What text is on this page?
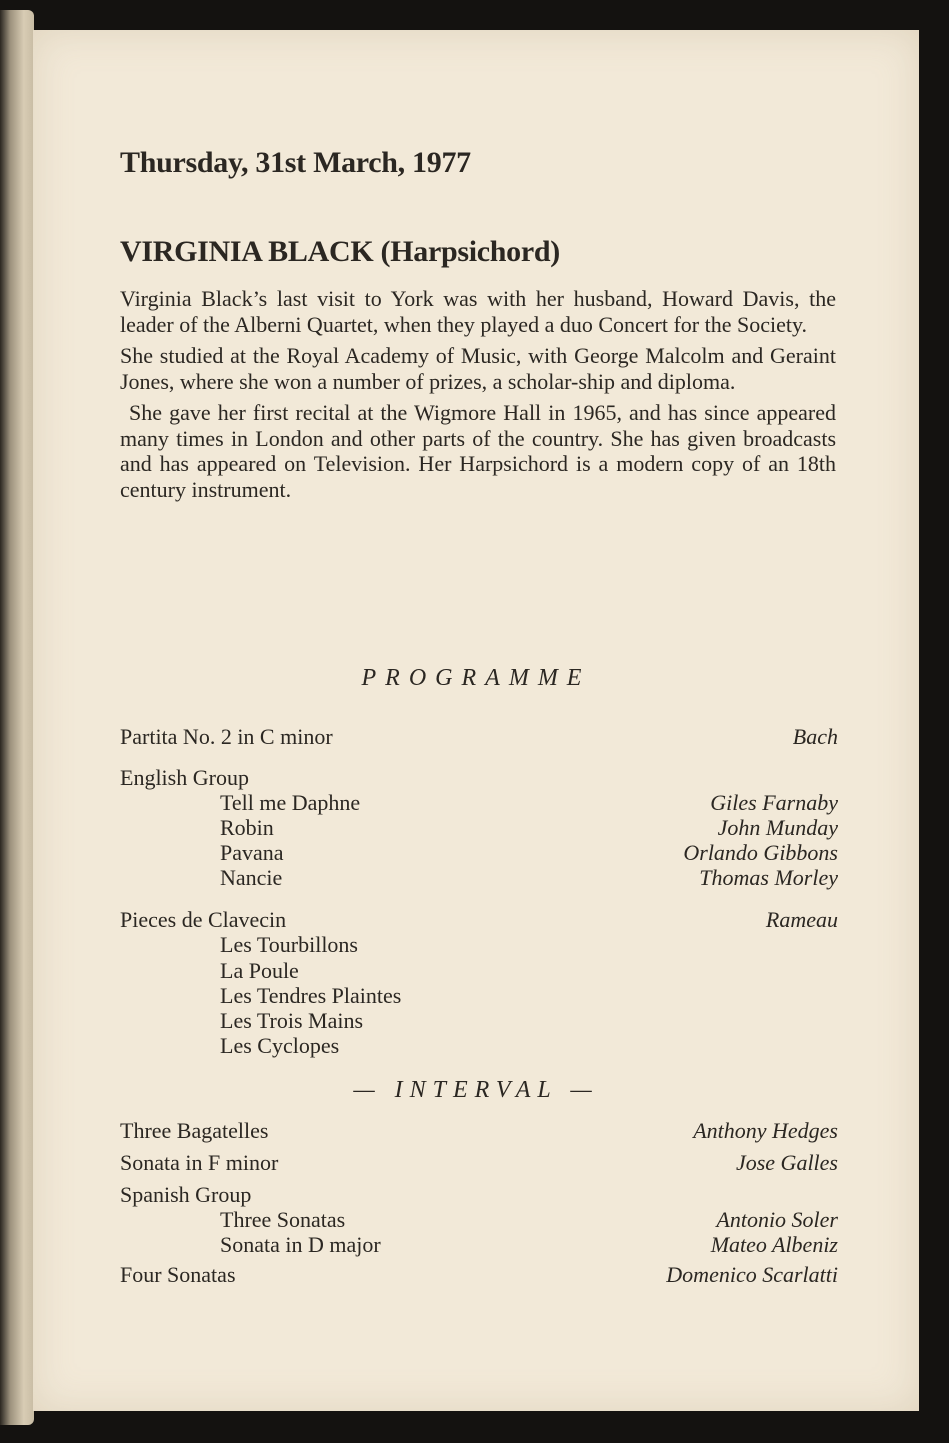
Thursday, 31st March, 1977
VIRGINIA BLACK (Harpsichord)

Virginia Black’s last visit to York was with her husband, Howard Davis, the leader of the Alberni Quartet, when they played a duo Concert for the Society.

She studied at the Royal Academy of Music, with George Malcolm and Geraint Jones, where she won a number of prizes, a scholar-ship and diploma.

She gave her first recital at the Wigmore Hall in 1965, and has since appeared many times in London and other parts of the country. She has given broadcasts and has appeared on Television. Her Harpsichord is a modern copy of an 18th century instrument.

PROGRAMME
Partita No. 2 in C minor	Bach
English Group
Tell me Daphne	Giles Farnaby
Robin	John Munday
Pavana	Orlando Gibbons
Nancie	Thomas Morley
Pieces de Clavecin	Rameau
Les Tourbillons
La Poule
Les Tendres Plaintes
Les Trois Mains
Les Cyclopes
— INTERVAL —
Three Bagatelles	Anthony Hedges
Sonata in F minor	Jose Galles
Spanish Group
Three Sonatas	Antonio Soler
Sonata in D major	Mateo Albeniz
Four Sonatas	Domenico Scarlatti
